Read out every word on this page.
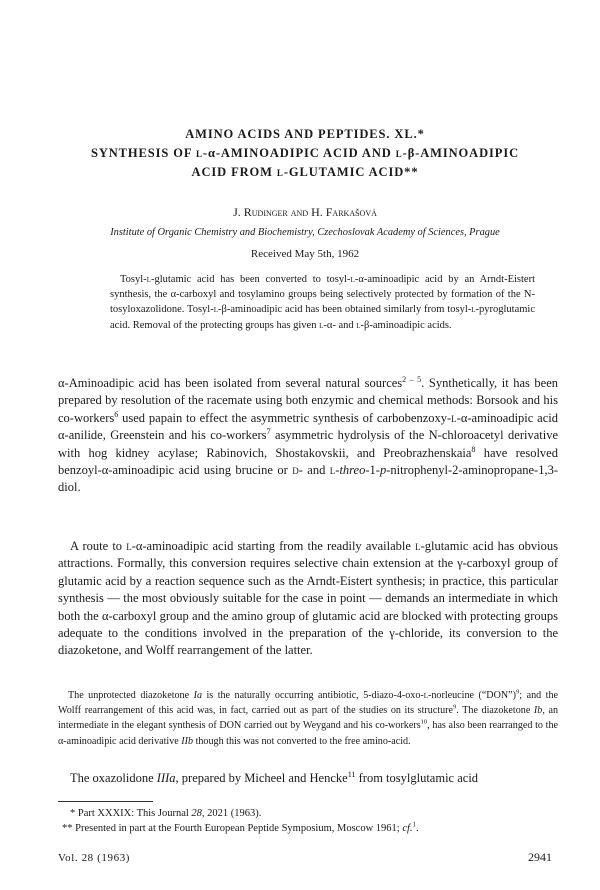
AMINO ACIDS AND PEPTIDES. XL.*
SYNTHESIS OF l-α-AMINOADIPIC ACID AND l-β-AMINOADIPIC
ACID FROM l-GLUTAMIC ACID**
J. Rudinger and H. Farkašová
Institute of Organic Chemistry and Biochemistry, Czechoslovak Academy of Sciences, Prague
Received May 5th, 1962
Tosyl-l-glutamic acid has been converted to tosyl-l-α-aminoadipic acid by an Arndt-Eistert synthesis, the α-carboxyl and tosylamino groups being selectively protected by formation of the N-tosyloxazolidone. Tosyl-l-β-aminoadipic acid has been obtained similarly from tosyl-l-pyroglutamic acid. Removal of the protecting groups has given l-α- and l-β-aminoadipic acids.

α-Aminoadipic acid has been isolated from several natural sources$^{2 - 5}$. Synthetically, it has been prepared by resolution of the racemate using both enzymic and chemical methods: Borsook and his co-workers$^6$ used papain to effect the asymmetric synthesis of carbobenzoxy-l-α-aminoadipic acid α-anilide, Greenstein and his co-workers$^7$ asymmetric hydrolysis of the N-chloroacetyl derivative with hog kidney acylase; Rabinovich, Shostakovskii, and Preobrazhenskaia$^8$ have resolved benzoyl-α-aminoadipic acid using brucine or d- and l-threo-1-p-nitrophenyl-2-aminopropane-1,3-diol.

A route to l-α-aminoadipic acid starting from the readily available l-glutamic acid has obvious attractions. Formally, this conversion requires selective chain extension at the γ-carboxyl group of glutamic acid by a reaction sequence such as the Arndt-Eistert synthesis; in practice, this particular synthesis — the most obviously suitable for the case in point — demands an intermediate in which both the α-carboxyl group and the amino group of glutamic acid are blocked with protecting groups adequate to the conditions involved in the preparation of the γ-chloride, its conversion to the diazoketone, and Wolff rearrangement of the latter.

The unprotected diazoketone Ia is the naturally occurring antibiotic, 5-diazo-4-oxo-l-norleucine (“DON”)$^9$; and the Wolff rearrangement of this acid was, in fact, carried out as part of the studies on its structure$^9$. The diazoketone Ib, an intermediate in the elegant synthesis of DON carried out by Weygand and his co-workers$^{10}$, has also been rearranged to the α-aminoadipic acid derivative IIb though this was not converted to the free amino-acid.

The oxazolidone IIIa, prepared by Micheel and Hencke$^{11}$ from tosylglutamic acid

* Part XXXIX: This Journal 28, 2021 (1963).
** Presented in part at the Fourth European Peptide Symposium, Moscow 1961; cf.$^1$.
Vol. 28 (1963)	2941
